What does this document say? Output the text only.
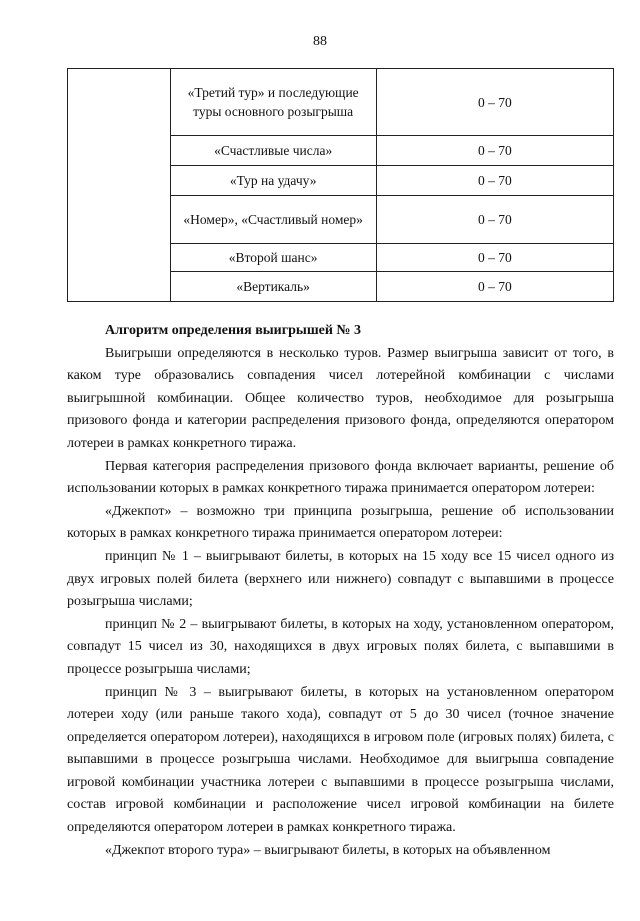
88
	«Третий тур» и последующие туры основного розыгрыша	0 – 70
	«Счастливые числа»	0 – 70
	«Тур на удачу»	0 – 70
	«Номер», «Счастливый номер»	0 – 70
	«Второй шанс»	0 – 70
	«Вертикаль»	0 – 70
Алгоритм определения выигрышей № 3

Выигрыши определяются в несколько туров. Размер выигрыша зависит от того, в каком туре образовались совпадения чисел лотерейной комбинации с числами выигрышной комбинации. Общее количество туров, необходимое для розыгрыша призового фонда и категории распределения призового фонда, определяются оператором лотереи в рамках конкретного тиража.

Первая категория распределения призового фонда включает варианты, решение об использовании которых в рамках конкретного тиража принимается оператором лотереи:

«Джекпот» – возможно три принципа розыгрыша, решение об использовании которых в рамках конкретного тиража принимается оператором лотереи:

принцип № 1 – выигрывают билеты, в которых на 15 ходу все 15 чисел одного из двух игровых полей билета (верхнего или нижнего) совпадут с выпавшими в процессе розыгрыша числами;

принцип № 2 – выигрывают билеты, в которых на ходу, установленном оператором, совпадут 15 чисел из 30, находящихся в двух игровых полях билета, с выпавшими в процессе розыгрыша числами;

принцип № 3 – выигрывают билеты, в которых на установленном оператором лотереи ходу (или раньше такого хода), совпадут от 5 до 30 чисел (точное значение определяется оператором лотереи), находящихся в игровом поле (игровых полях) билета, с выпавшими в процессе розыгрыша числами. Необходимое для выигрыша совпадение игровой комбинации участника лотереи с выпавшими в процессе розыгрыша числами, состав игровой комбинации и расположение чисел игровой комбинации на билете определяются оператором лотереи в рамках конкретного тиража.

«Джекпот второго тура» – выигрывают билеты, в которых на объявленном
